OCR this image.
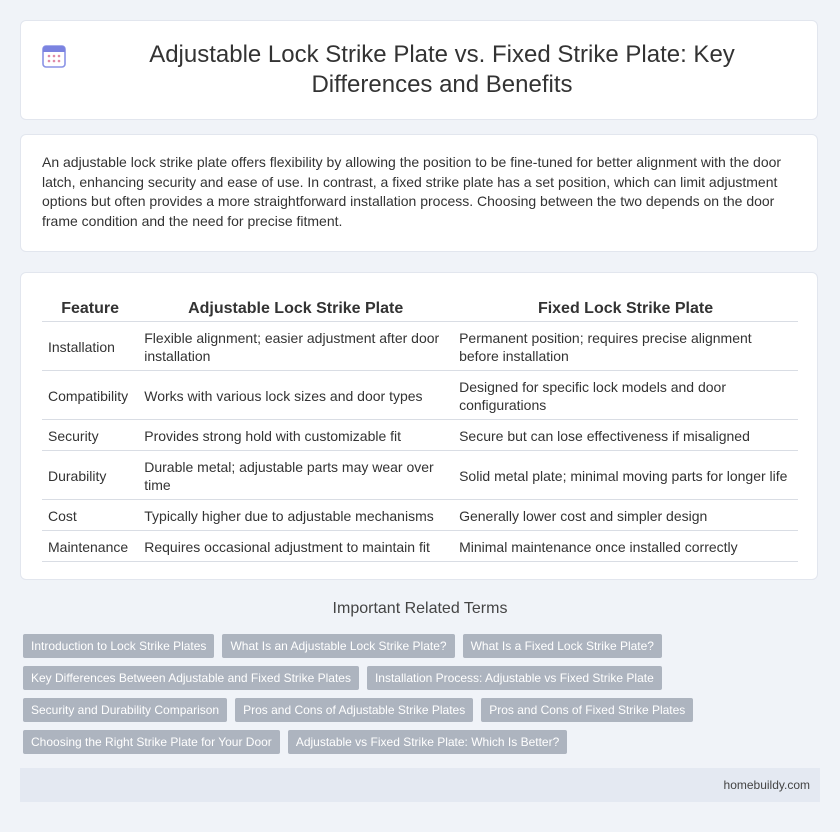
Adjustable Lock Strike Plate vs. Fixed Strike Plate: Key Differences and Benefits

An adjustable lock strike plate offers flexibility by allowing the position to be fine-tuned for better alignment with the door latch, enhancing security and ease of use. In contrast, a fixed strike plate has a set position, which can limit adjustment options but often provides a more straightforward installation process. Choosing between the two depends on the door frame condition and the need for precise fitment.

Feature	Adjustable Lock Strike Plate	Fixed Lock Strike Plate
Installation	Flexible alignment; easier adjustment after door installation	Permanent position; requires precise alignment before installation
Compatibility	Works with various lock sizes and door types	Designed for specific lock models and door configurations
Security	Provides strong hold with customizable fit	Secure but can lose effectiveness if misaligned
Durability	Durable metal; adjustable parts may wear over time	Solid metal plate; minimal moving parts for longer life
Cost	Typically higher due to adjustable mechanisms	Generally lower cost and simpler design
Maintenance	Requires occasional adjustment to maintain fit	Minimal maintenance once installed correctly
Important Related Terms
Introduction to Lock Strike Plates	What Is an Adjustable Lock Strike Plate?	What Is a Fixed Lock Strike Plate?
Key Differences Between Adjustable and Fixed Strike Plates	Installation Process: Adjustable vs Fixed Strike Plate
Security and Durability Comparison	Pros and Cons of Adjustable Strike Plates	Pros and Cons of Fixed Strike Plates
Choosing the Right Strike Plate for Your Door	Adjustable vs Fixed Strike Plate: Which Is Better?
homebuildy.com
